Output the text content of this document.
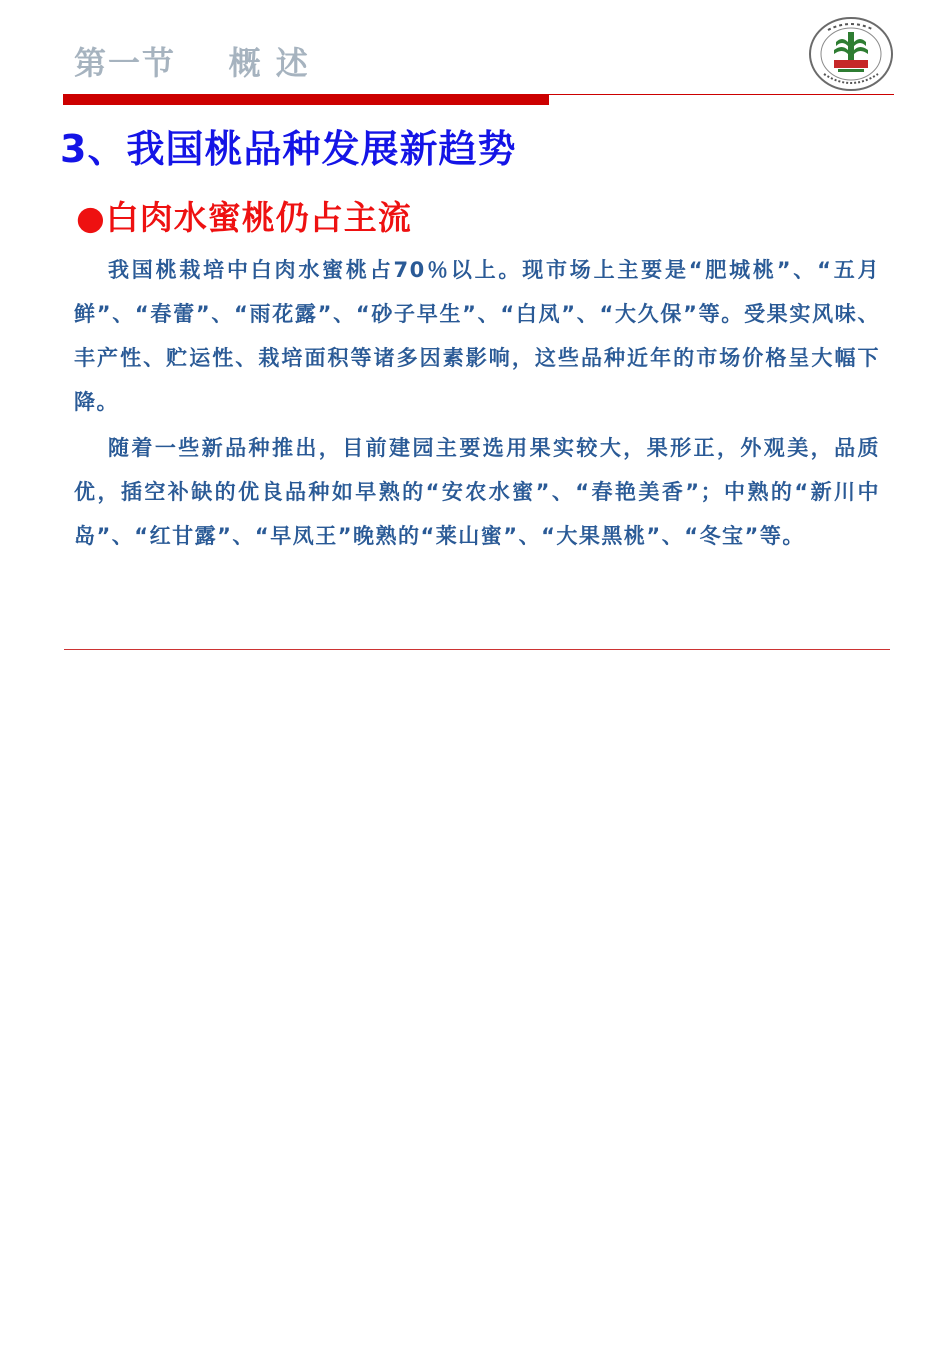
第一节    概 述
3、我国桃品种发展新趋势
●白肉水蜜桃仍占主流

我国桃栽培中白肉水蜜桃占70％以上。现市场上主要是“肥城桃”、“五月鲜”、“春蕾”、“雨花露”、“砂子早生”、“白凤”、“大久保”等。受果实风味、丰产性、贮运性、栽培面积等诸多因素影响，这些品种近年的市场价格呈大幅下降。

随着一些新品种推出，目前建园主要选用果实较大，果形正，外观美，品质优，插空补缺的优良品种如早熟的“安农水蜜”、“春艳美香”；中熟的“新川中岛”、“红甘露”、“早凤王”晚熟的“莱山蜜”、“大果黑桃”、“冬宝”等。
